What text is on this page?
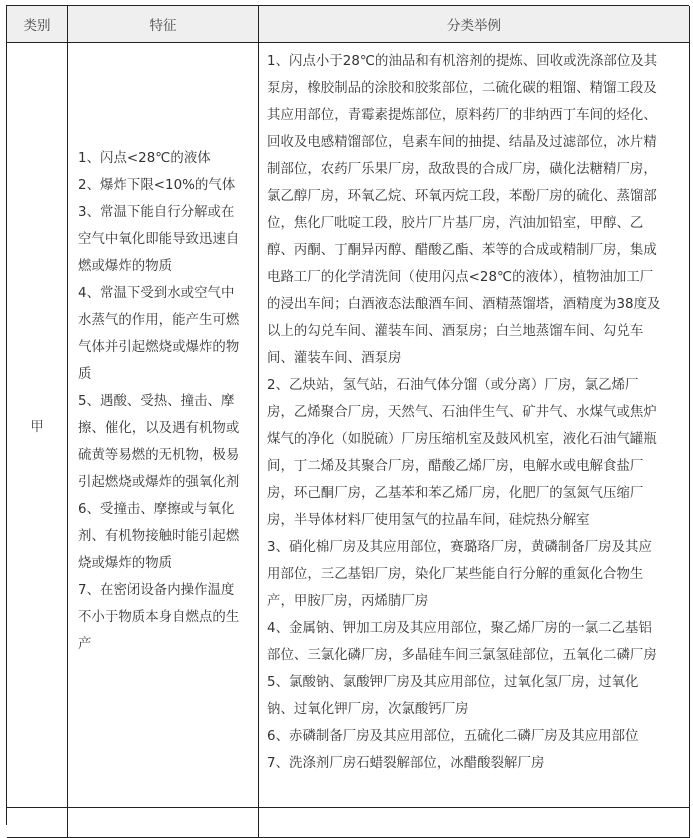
类别	特征	分类举例
甲
1、闪点<28℃的液体
2、爆炸下限<10%的气体
3、常温下能自行分解或在
空气中氧化即能导致迅速自
燃或爆炸的物质
4、常温下受到水或空气中
水蒸气的作用，能产生可燃
气体并引起燃烧或爆炸的物
质
5、遇酸、受热、撞击、摩
擦、催化，以及遇有机物或
硫黄等易燃的无机物，极易
引起燃烧或爆炸的强氧化剂
6、受撞击、摩擦或与氧化
剂、有机物接触时能引起燃
烧或爆炸的物质
7、在密闭设备内操作温度
不小于物质本身自燃点的生
产
1、闪点小于28℃的油品和有机溶剂的提炼、回收或洗涤部位及其
泵房，橡胶制品的涂胶和胶浆部位，二硫化碳的粗馏、精馏工段及
其应用部位，青霉素提炼部位，原料药厂的非纳西丁车间的烃化、
回收及电感精馏部位，皂素车间的抽提、结晶及过滤部位，冰片精
制部位，农药厂乐果厂房，敌敌畏的合成厂房，磺化法糖精厂房，
氯乙醇厂房，环氧乙烷、环氧丙烷工段，苯酚厂房的硫化、蒸馏部
位，焦化厂吡啶工段，胶片厂片基厂房，汽油加铅室，甲醇、乙
醇、丙酮、丁酮异丙醇、醋酸乙酯、苯等的合成或精制厂房，集成
电路工厂的化学清洗间（使用闪点<28℃的液体），植物油加工厂
的浸出车间；白酒液态法酿酒车间、酒精蒸馏塔，酒精度为38度及
以上的勾兑车间、灌装车间、酒泵房；白兰地蒸馏车间、勾兑车
间、灌装车间、酒泵房
2、乙炔站，氢气站，石油气体分馏（或分离）厂房，氯乙烯厂
房，乙烯聚合厂房，天然气、石油伴生气、矿井气、水煤气或焦炉
煤气的净化（如脱硫）厂房压缩机室及鼓风机室，液化石油气罐瓶
间，丁二烯及其聚合厂房，醋酸乙烯厂房，电解水或电解食盐厂
房，环己酮厂房，乙基苯和苯乙烯厂房，化肥厂的氢氮气压缩厂
房，半导体材料厂使用氢气的拉晶车间，硅烷热分解室
3、硝化棉厂房及其应用部位，赛璐珞厂房，黄磷制备厂房及其应
用部位，三乙基铝厂房，染化厂某些能自行分解的重氮化合物生
产，甲胺厂房，丙烯腈厂房
4、金属钠、钾加工房及其应用部位，聚乙烯厂房的一氯二乙基铝
部位、三氯化磷厂房，多晶硅车间三氯氢硅部位，五氧化二磷厂房
5、氯酸钠、氯酸钾厂房及其应用部位，过氧化氢厂房，过氧化
钠、过氧化钾厂房，次氯酸钙厂房
6、赤磷制备厂房及其应用部位，五硫化二磷厂房及其应用部位
7、洗涤剂厂房石蜡裂解部位，冰醋酸裂解厂房
